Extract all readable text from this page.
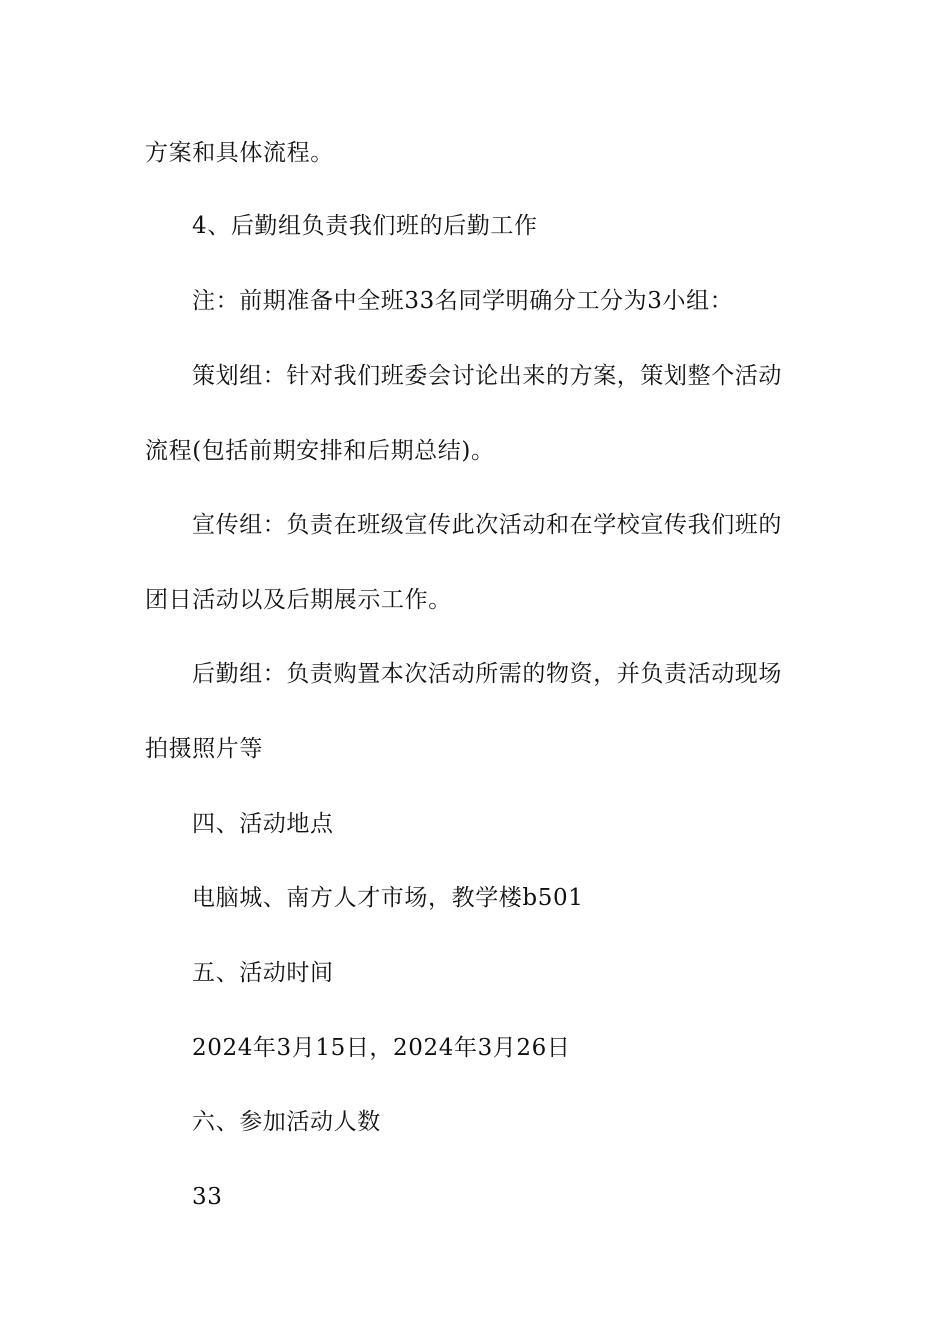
方案和具体流程。

4、后勤组负责我们班的后勤工作

注：前期准备中全班33名同学明确分工分为3小组：

策划组：针对我们班委会讨论出来的方案，策划整个活动

流程(包括前期安排和后期总结)。

宣传组：负责在班级宣传此次活动和在学校宣传我们班的

团日活动以及后期展示工作。

后勤组：负责购置本次活动所需的物资，并负责活动现场

拍摄照片等

四、活动地点

电脑城、南方人才市场，教学楼b501

五、活动时间

2024年3月15日，2024年3月26日

六、参加活动人数

33
